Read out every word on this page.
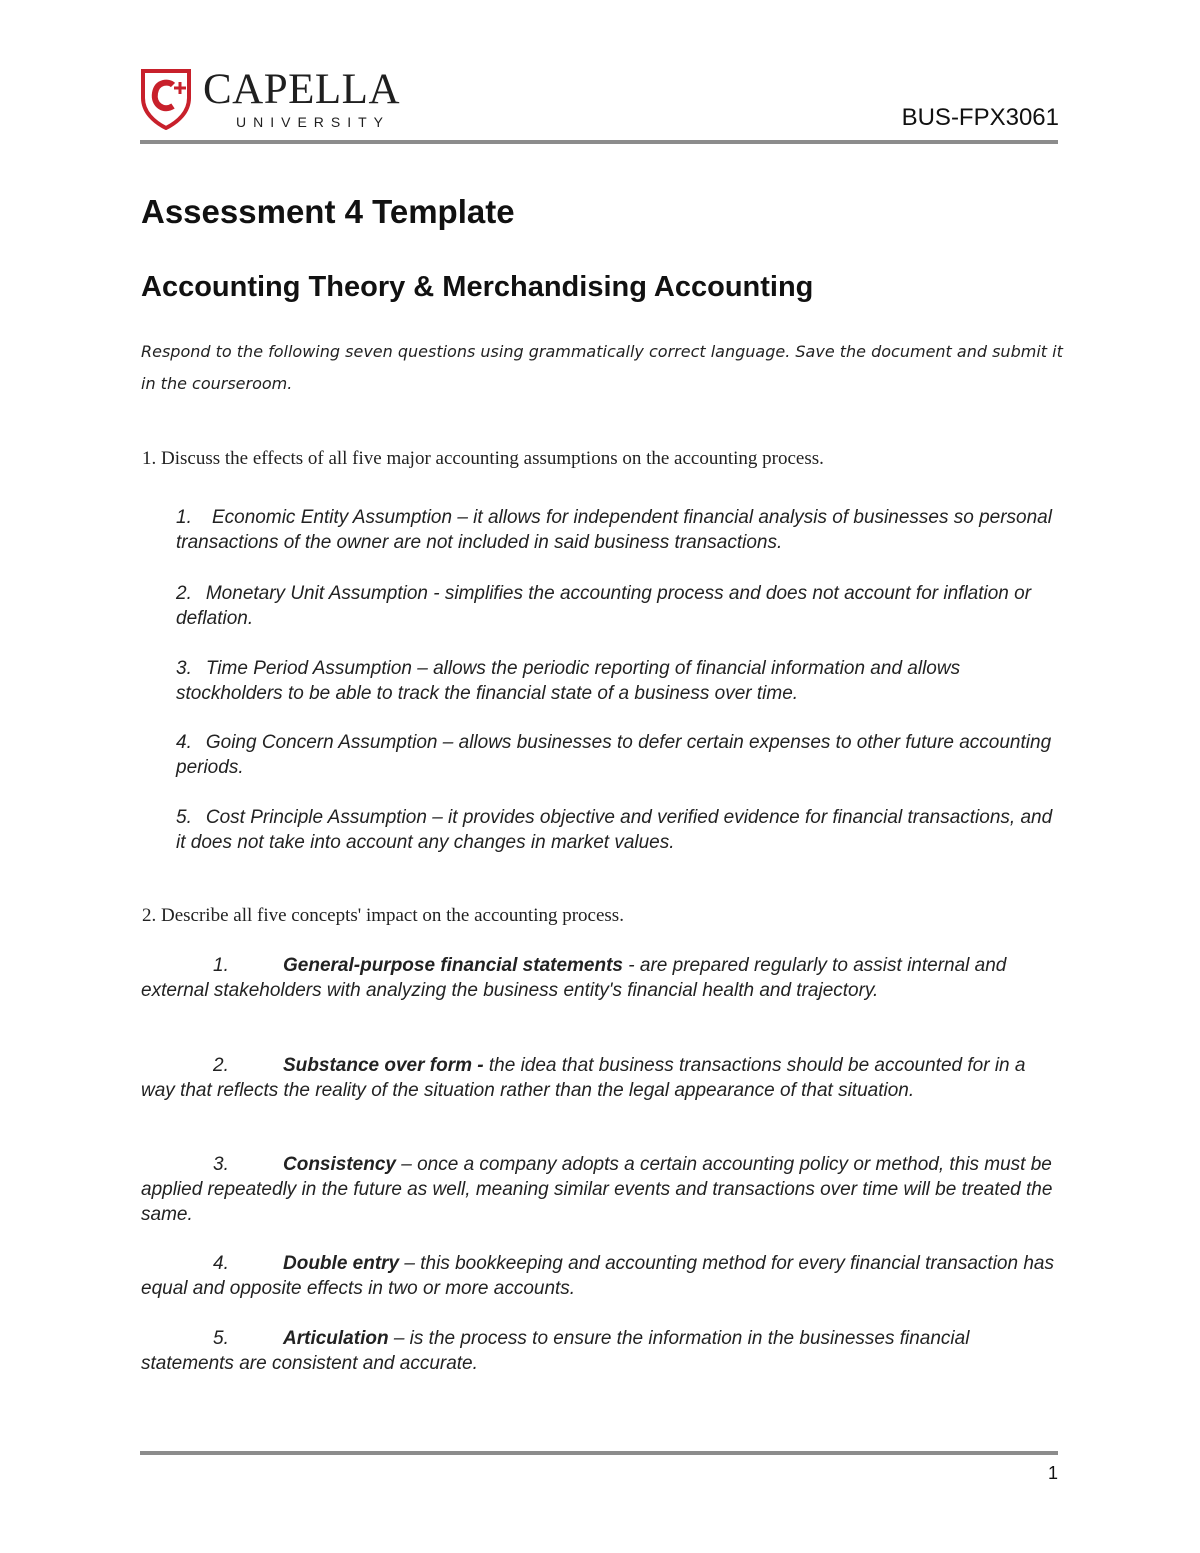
CAPELLA
UNIVERSITY	BUS-FPX3061
Assessment 4 Template
Accounting Theory & Merchandising Accounting
Respond to the following seven questions using grammatically correct language. Save the document and submit it in the courseroom.
1. Discuss the effects of all five major accounting assumptions on the accounting process.
1. Economic Entity Assumption – it allows for independent financial analysis of businesses so personal transactions of the owner are not included in said business transactions.
2. Monetary Unit Assumption - simplifies the accounting process and does not account for inflation or deflation.
3. Time Period Assumption – allows the periodic reporting of financial information and allows stockholders to be able to track the financial state of a business over time.
4. Going Concern Assumption – allows businesses to defer certain expenses to other future accounting periods.
5. Cost Principle Assumption – it provides objective and verified evidence for financial transactions, and it does not take into account any changes in market values.
2. Describe all five concepts' impact on the accounting process.
1.	General-purpose financial statements - are prepared regularly to assist internal and external stakeholders with analyzing the business entity's financial health and trajectory.
2.	Substance over form - the idea that business transactions should be accounted for in a way that reflects the reality of the situation rather than the legal appearance of that situation.
3.	Consistency – once a company adopts a certain accounting policy or method, this must be applied repeatedly in the future as well, meaning similar events and transactions over time will be treated the same.
4.	Double entry – this bookkeeping and accounting method for every financial transaction has equal and opposite effects in two or more accounts.
5.	Articulation – is the process to ensure the information in the businesses financial statements are consistent and accurate.
1
